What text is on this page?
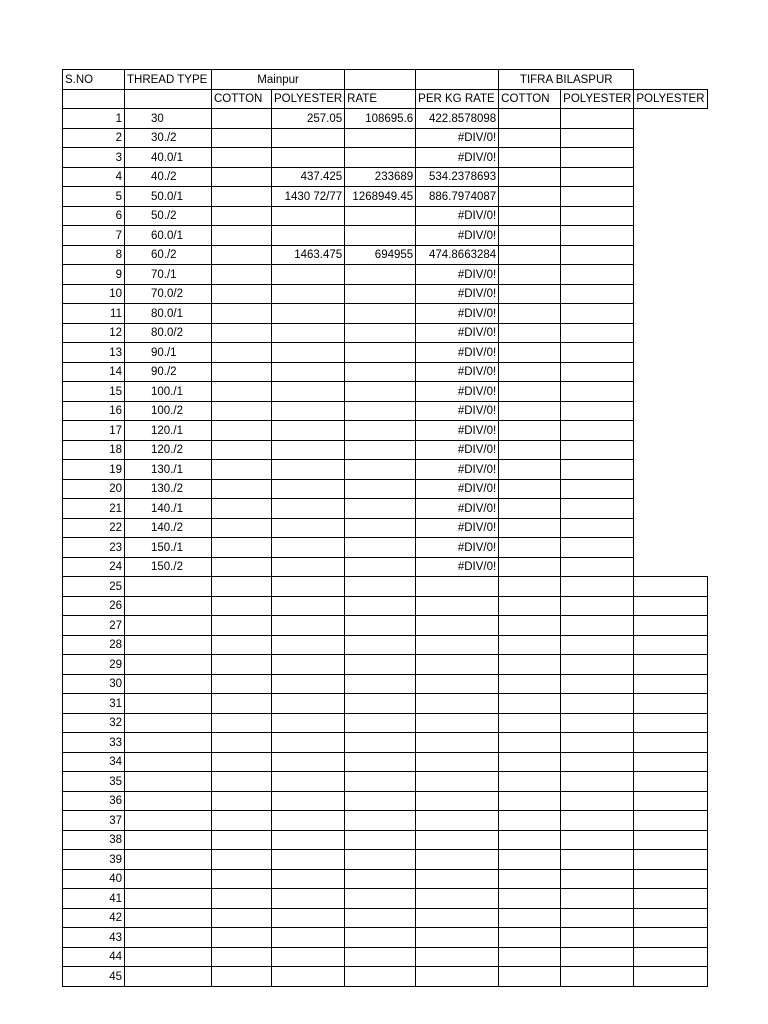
S.NO	THREAD TYPE	Mainpur				TIFRA BILASPUR		
		COTTON	POLYESTER	RATE	PER KG RATE	COTTON	POLYESTER	POLYESTER
1	30		257.05	108695.6	422.8578098			
2	30./2				#DIV/0!			
3	40.0/1				#DIV/0!			
4	40./2		437.425	233689	534.2378693			
5	50.0/1		1430 72/77	1268949.45	886.7974087			
6	50./2				#DIV/0!			
7	60.0/1				#DIV/0!			
8	60./2		1463.475	694955	474.8663284			
9	70./1				#DIV/0!			
10	70.0/2				#DIV/0!			
11	80.0/1				#DIV/0!			
12	80.0/2				#DIV/0!			
13	90./1				#DIV/0!			
14	90./2				#DIV/0!			
15	100./1				#DIV/0!			
16	100./2				#DIV/0!			
17	120./1				#DIV/0!			
18	120./2				#DIV/0!			
19	130./1				#DIV/0!			
20	130./2				#DIV/0!			
21	140./1				#DIV/0!			
22	140./2				#DIV/0!			
23	150./1				#DIV/0!			
24	150./2				#DIV/0!			
25								
26								
27								
28								
29								
30								
31								
32								
33								
34								
35								
36								
37								
38								
39								
40								
41								
42								
43								
44								
45								
